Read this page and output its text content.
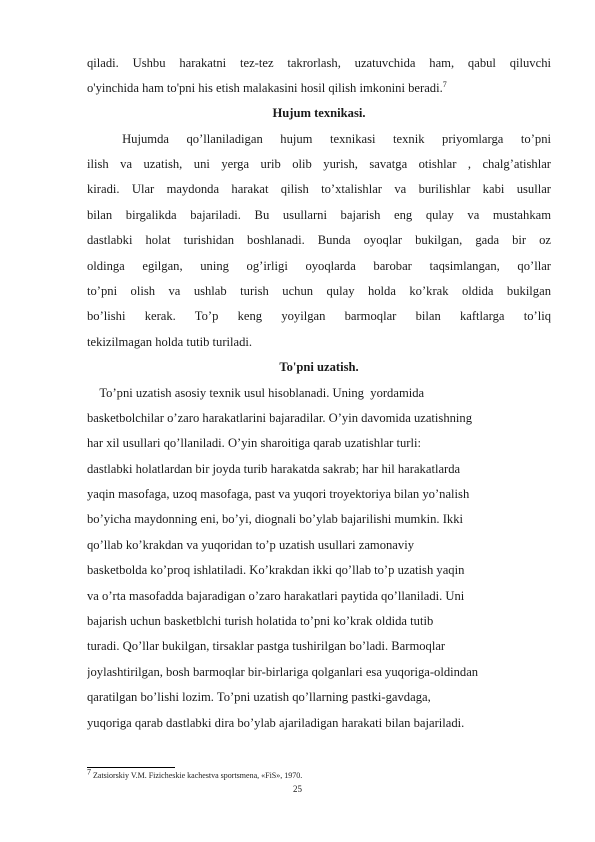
qiladi. Ushbu harakatni tez-tez takrorlash, uzatuvchida ham, qabul qiluvchi
o'yinchida ham to'pni his etish malakasini hosil qilish imkonini beradi.$^7$
Hujum texnikasi.
Hujumda  qo’llaniladigan  hujum  texnikasi  texnik  priyomlarga  to’pni
ilish va uzatish, uni yerga urib olib yurish, savatga otishlar , chalg’atishlar
kiradi. Ular maydonda harakat qilish to’xtalishlar va burilishlar kabi usullar
bilan birgalikda bajariladi. Bu usullarni bajarish eng qulay va mustahkam
dastlabki holat turishidan boshlanadi. Bunda oyoqlar bukilgan, gada bir oz
oldinga egilgan, uning og’irligi oyoqlarda barobar taqsimlangan, qo’llar
to’pni olish va ushlab turish uchun qulay holda ko’krak oldida bukilgan
bo’lishi kerak. To’p keng yoyilgan barmoqlar bilan kaftlarga to’liq
tekizilmagan holda tutib turiladi.
To'pni uzatish.
To’pni uzatish asosiy texnik usul hisoblanadi. Uning  yordamida
basketbolchilar o’zaro harakatlarini bajaradilar. O’yin davomida uzatishning
har xil usullari qo’llaniladi. O’yin sharoitiga qarab uzatishlar turli:
dastlabki holatlardan bir joyda turib harakatda sakrab; har hil harakatlarda
yaqin masofaga, uzoq masofaga, past va yuqori troyektoriya bilan yo’nalish
bo’yicha maydonning eni, bo’yi, diognali bo’ylab bajarilishi mumkin. Ikki
qo’llab ko’krakdan va yuqoridan to’p uzatish usullari zamonaviy
basketbolda ko’proq ishlatiladi. Ko’krakdan ikki qo’llab to’p uzatish yaqin
va o’rta masofadda bajaradigan o’zaro harakatlari paytida qo’llaniladi. Uni
bajarish uchun basketblchi turish holatida to’pni ko’krak oldida tutib
turadi. Qo’llar bukilgan, tirsaklar pastga tushirilgan bo’ladi. Barmoqlar
joylashtirilgan, bosh barmoqlar bir-birlariga qolganlari esa yuqoriga-oldindan
qaratilgan bo’lishi lozim. To’pni uzatish qo’llarning pastki-gavdaga,
yuqoriga qarab dastlabki dira bo’ylab ajariladigan harakati bilan bajariladi.
7 Zatsiorskiy V.M. Fizicheskie kachestva sportsmena, «FiS», 1970.
25
